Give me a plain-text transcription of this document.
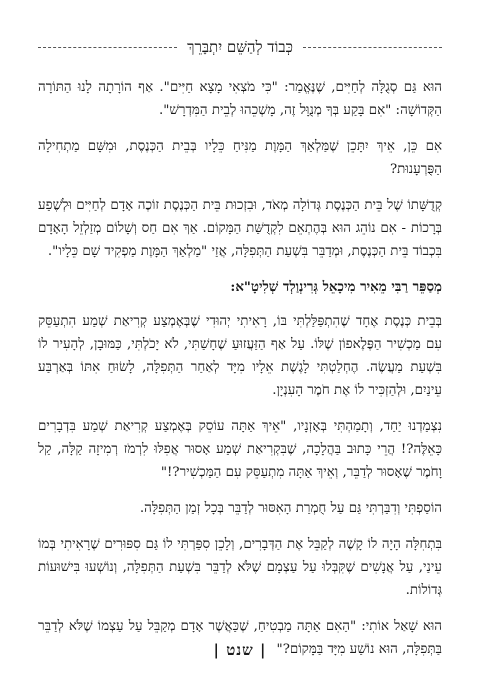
כְּבוֹד לְהַשֵּׁם יִתְבָּרֵךְ

הוּא גַּם סְגֻלָּה לְחַיִּים, שֶׁנֶּאֱמַר: "כִּי מֹצְאִי מָצָא חַיִּים". אַף הוֹרָתָה לָנוּ הַתּוֹרָה הַקְּדוֹשָׁה: "אִם בָּקַע בְּךָ מְנֻוָּל זֶה, מָשְׁכֵהוּ לְבֵית הַמִּדְרָשׁ".

אִם כֵּן, אֵיךְ יִתָּכֵן שֶׁמַּלְאַךְ הַמָּוֶת מַנִּיחַ כֵּלָיו בְּבֵית הַכְּנֶסֶת, וּמִשָּׁם מַתְחִילָה הַפֻּרְעָנוּת?

קְדֻשָּׁתוֹ שֶׁל בֵּית הַכְּנֶסֶת גְּדוֹלָה מְאֹד, וּבִזְכוּת בֵּית הַכְּנֶסֶת זוֹכֶה אָדָם לְחַיִּים וּלְשֶׁפַע בְּרָכוֹת - אִם נוֹהֵג הוּא בְּהֶתְאֵם לִקְדֻשַּׁת הַמָּקוֹם. אַךְ אִם חַס וְשָׁלוֹם מְזַלְזֵל הָאָדָם בִּכְבוֹד בֵּית הַכְּנֶסֶת, וּמְדַבֵּר בִּשְׁעַת הַתְּפִלָּה, אֲזַי "מַלְאַךְ הַמָּוֶת מַפְקִיד שָׁם כֵּלָיו".

מְסַפֵּר רַבִּי מֵאִיר מִיכָאֵל גְּרִינְוַלְד שְׁלִיטָ"א:

בְּבֵית כְּנֶסֶת אֶחָד שֶׁהִתְפַּלַּלְתִּי בּוֹ, רָאִיתִי יְהוּדִי שֶׁבְּאֶמְצַע קְרִיאַת שְׁמַע הִתְעַסֵּק עִם מַכְשִׁיר הַפֶּלֶאפוֹן שֶׁלּוֹ. עַל אַף הַזַּעֲזוּעַ שֶׁחָשַׁתִּי, לֹא יָכֹלְתִּי, כַּמּוּבָן, לְהָעִיר לוֹ בִּשְׁעַת מַעֲשֶׂה. הֶחְלַטְתִּי לָגֶשֶׁת אֵלָיו מִיָּד לְאַחַר הַתְּפִלָּה, לָשׂוּחַ אִתּוֹ בְּאַרְבַּע עֵינַיִם, וּלְהַזְכִּיר לוֹ אֶת חֹמֶר הָעִנְיָן.

נִצְמַדְנוּ יַחַד, וְתָמַהְתִּי בְּאָזְנָיו, "אֵיךְ אַתָּה עוֹסֵק בְּאֶמְצַע קְרִיאַת שְׁמַע בִּדְבָרִים כָּאֵלֶּה?! הֲרֵי כָּתוּב בַּהֲלָכָה, שֶׁבִּקְרִיאַת שְׁמַע אָסוּר אֲפִלּוּ לִרְמֹז רְמִיזָה קַלָּה, קַל וָחֹמֶר שֶׁאָסוּר לְדַבֵּר, וְאֵיךְ אַתָּה מִתְעַסֵּק עִם הַמַּכְשִׁיר?!"

הוֹסַפְתִּי וְדִבַּרְתִּי גַּם עַל חֻמְרַת הָאִסּוּר לְדַבֵּר בְּכָל זְמַן הַתְּפִלָּה.

בִּתְחִלָּה הָיָה לוֹ קָשֶׁה לְקַבֵּל אֶת הַדְּבָרִים, וְלָכֵן סִפַּרְתִּי לוֹ גַּם סִפּוּרִים שֶׁרָאִיתִי בְּמוֹ עֵינַי, עַל אֲנָשִׁים שֶׁקִּבְּלוּ עַל עַצְמָם שֶׁלֹּא לְדַבֵּר בִּשְׁעַת הַתְּפִלָּה, וְנוֹשְׁעוּ בִּישׁוּעוֹת גְּדוֹלוֹת.

הוּא שָׁאַל אוֹתִי: "הַאִם אַתָּה מַבְטִיחַ, שֶׁכַּאֲשֶׁר אָדָם מְקַבֵּל עַל עַצְמוֹ שֶׁלֹּא לְדַבֵּר בַּתְּפִלָּה, הוּא נוֹשַׁע מִיָּד בַּמָּקוֹם?"

| שנט |
